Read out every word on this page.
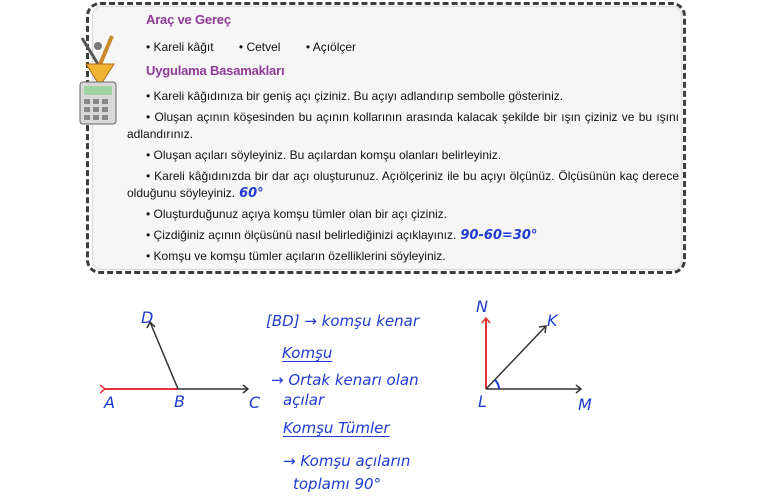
Araç ve Gereç
• Kareli kâğıt • Cetvel • Açıölçer
Uygulama Basamakları

• Kareli kâğıdınıza bir geniş açı çiziniz. Bu açıyı adlandırıp sembolle gösteriniz.

• Oluşan açının köşesinden bu açının kollarının arasında kalacak şekilde bir ışın çiziniz ve bu ışını adlandırınız.

• Oluşan açıları söyleyiniz. Bu açılardan komşu olanları belirleyiniz.

• Kareli kâğıdınızda bir dar açı oluşturunuz. Açıölçeriniz ile bu açıyı ölçünüz. Ölçüsünün kaç derece olduğunu söyleyiniz. 60°

• Oluşturduğunuz açıya komşu tümler olan bir açı çiziniz.

• Çizdiğiniz açının ölçüsünü nasıl belirlediğinizi açıklayınız. 90-60=30°

• Komşu ve komşu tümler açıların özelliklerini söyleyiniz.

D
A	B	C
[BD] → komşu kenar
Komşu
→ Ortak kenarı olan
açılar
Komşu Tümler
→ Komşu açıların
toplamı 90°
N
K
L	M
